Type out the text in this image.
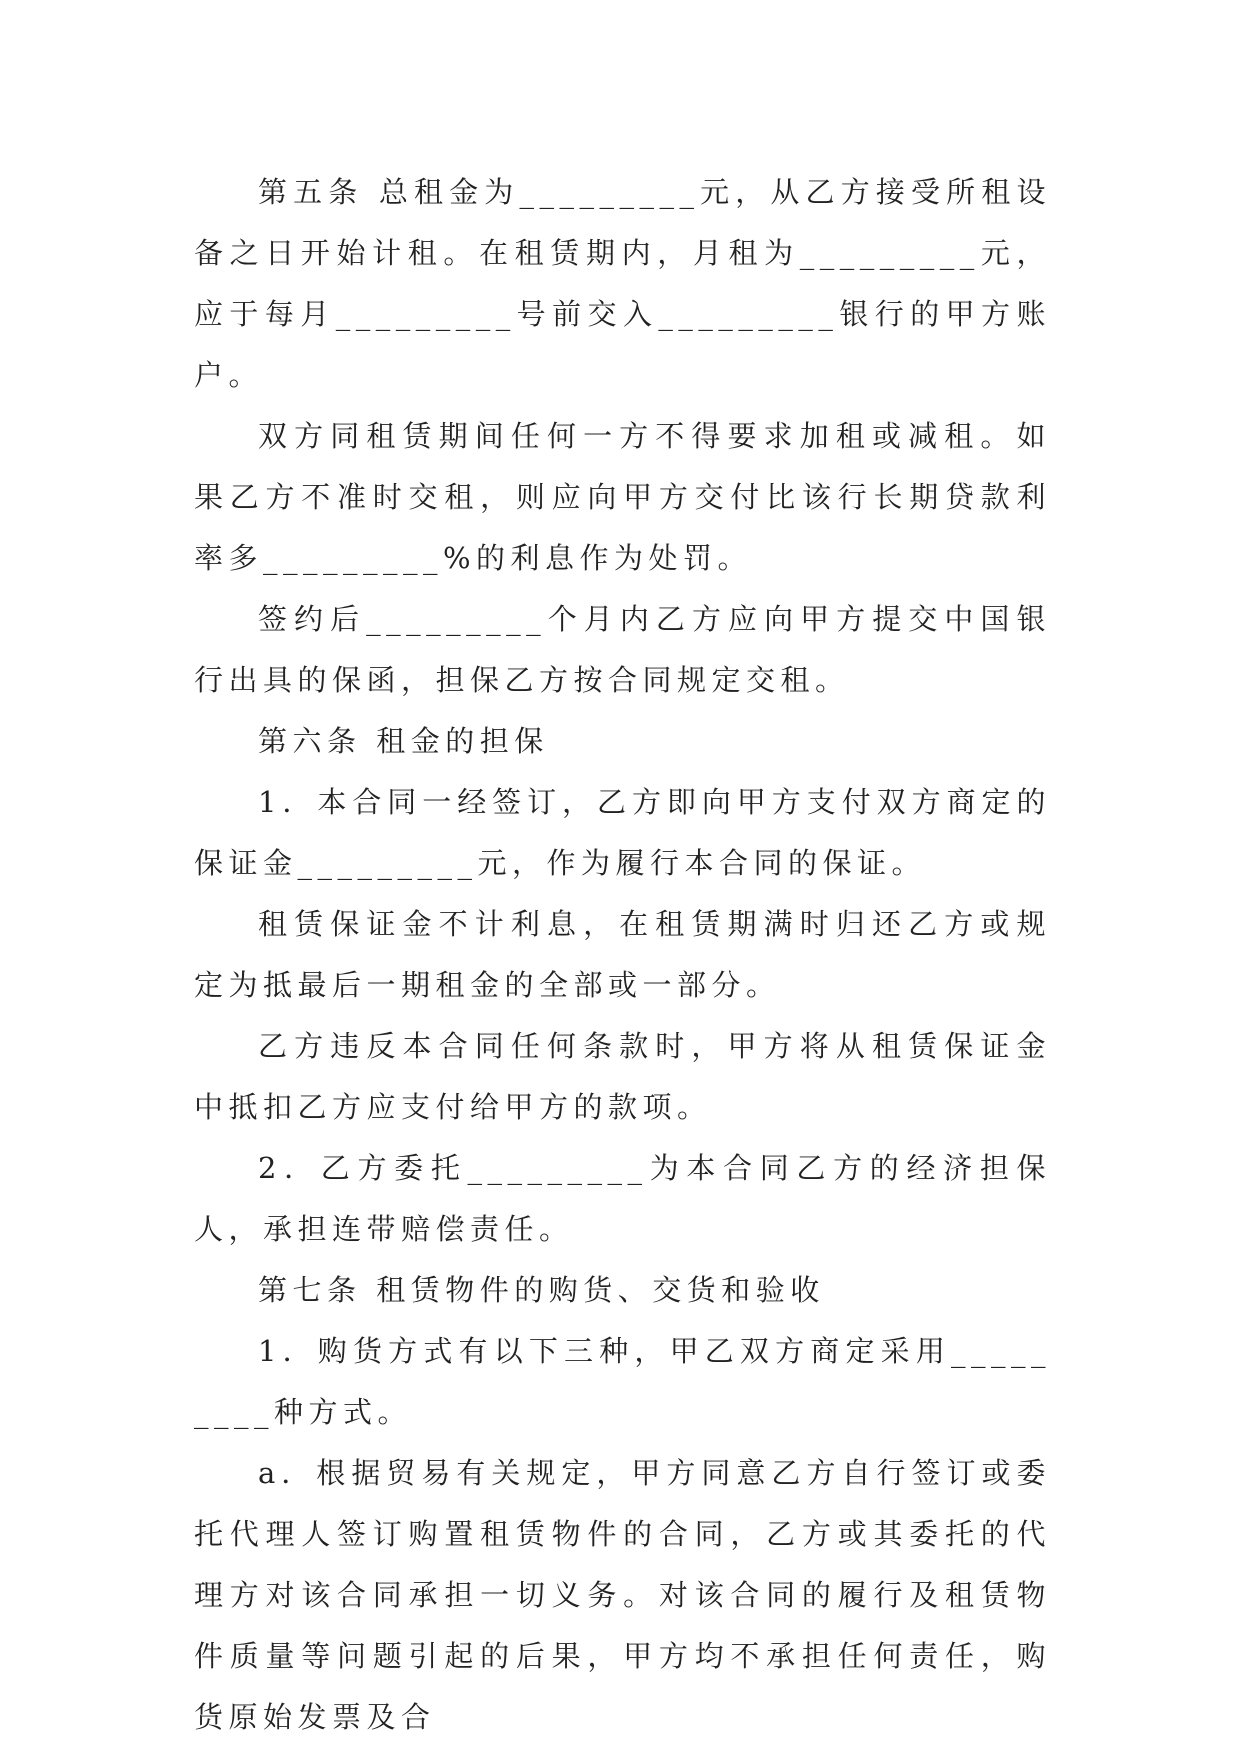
第五条 总租金为_________元，从乙方接受所租设备之日开始计租。在租赁期内，月租为_________元，应于每月_________号前交入_________银行的甲方账户。

双方同租赁期间任何一方不得要求加租或减租。如果乙方不准时交租，则应向甲方交付比该行长期贷款利率多_________%的利息作为处罚。

签约后_________个月内乙方应向甲方提交中国银行出具的保函，担保乙方按合同规定交租。

第六条 租金的担保

1．本合同一经签订，乙方即向甲方支付双方商定的保证金_________元，作为履行本合同的保证。

租赁保证金不计利息，在租赁期满时归还乙方或规定为抵最后一期租金的全部或一部分。

乙方违反本合同任何条款时，甲方将从租赁保证金中抵扣乙方应支付给甲方的款项。

2．乙方委托_________为本合同乙方的经济担保人，承担连带赔偿责任。

第七条 租赁物件的购货、交货和验收

1．购货方式有以下三种，甲乙双方商定采用_________种方式。

a．根据贸易有关规定，甲方同意乙方自行签订或委托代理人签订购置租赁物件的合同，乙方或其委托的代理方对该合同承担一切义务。对该合同的履行及租赁物件质量等问题引起的后果，甲方均不承担任何责任，购货原始发票及合
